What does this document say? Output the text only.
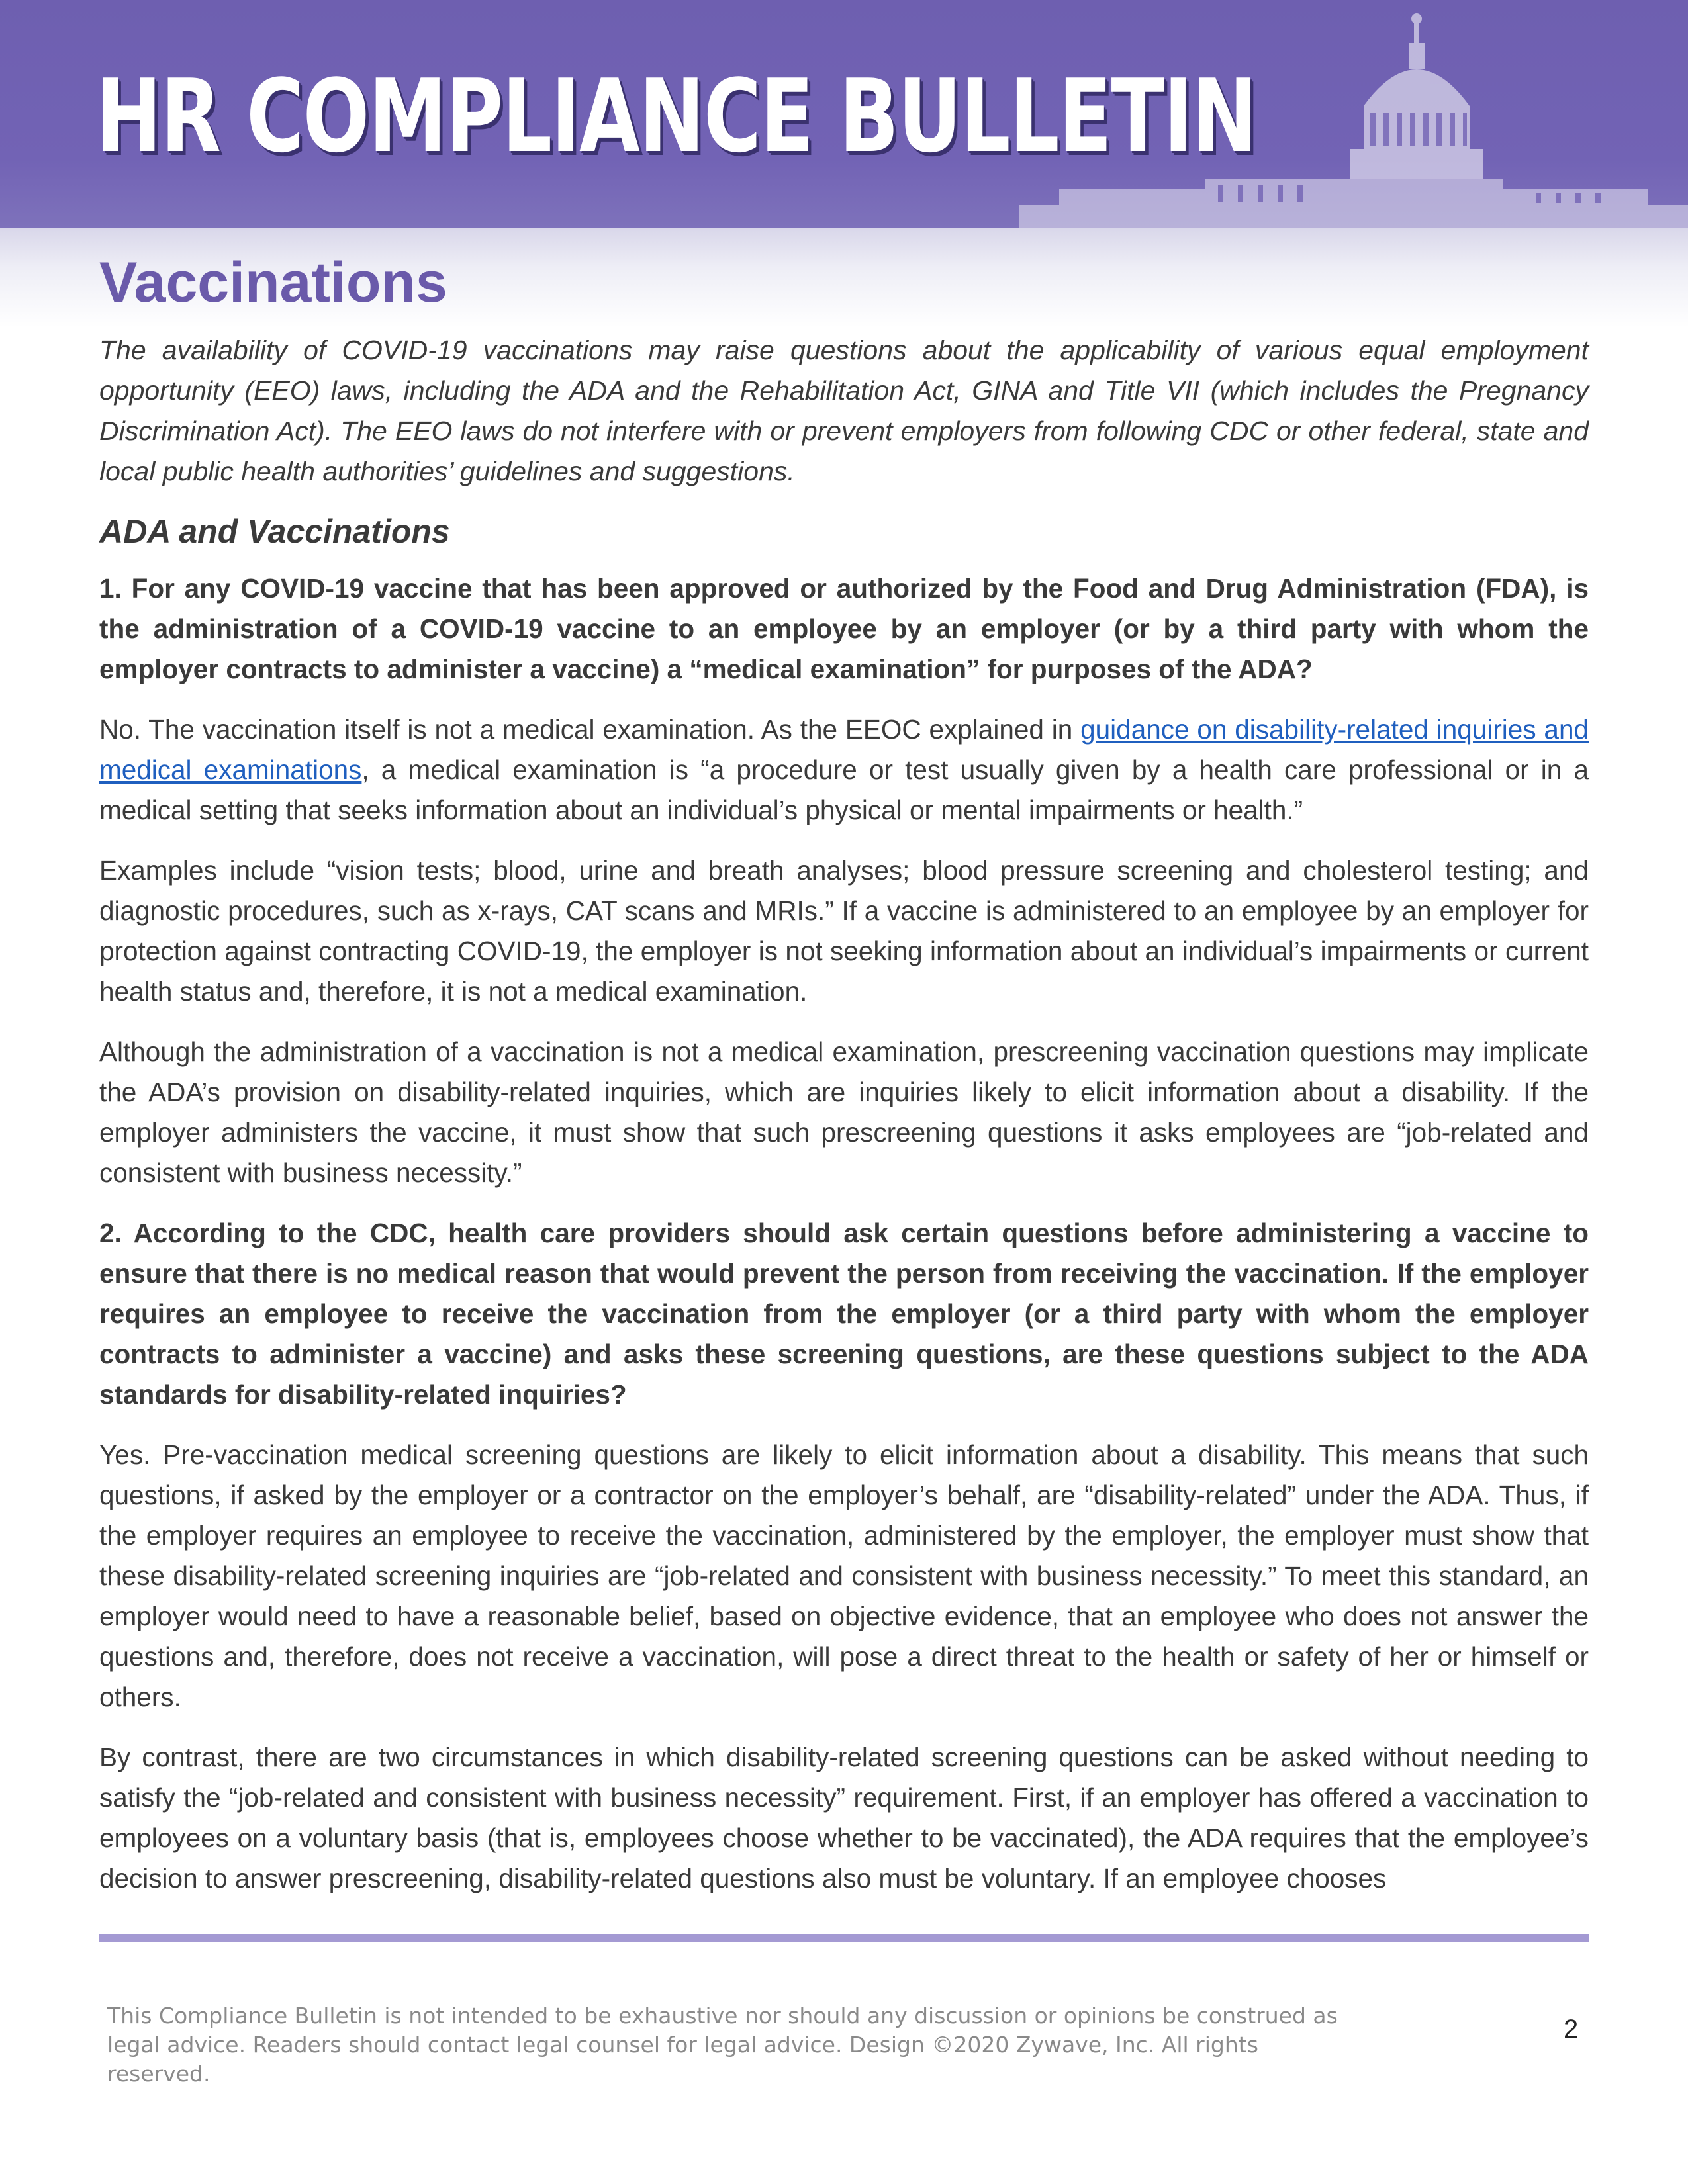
HR COMPLIANCE BULLETIN
Vaccinations

The availability of COVID-19 vaccinations may raise questions about the applicability of various equal employment opportunity (EEO) laws, including the ADA and the Rehabilitation Act, GINA and Title VII (which includes the Pregnancy Discrimination Act). The EEO laws do not interfere with or prevent employers from following CDC or other federal, state and local public health authorities’ guidelines and suggestions.

ADA and Vaccinations

1. For any COVID-19 vaccine that has been approved or authorized by the Food and Drug Administration (FDA), is the administration of a COVID-19 vaccine to an employee by an employer (or by a third party with whom the employer contracts to administer a vaccine) a “medical examination” for purposes of the ADA?

No. The vaccination itself is not a medical examination. As the EEOC explained in guidance on disability-related inquiries and medical examinations, a medical examination is “a procedure or test usually given by a health care professional or in a medical setting that seeks information about an individual’s physical or mental impairments or health.”

Examples include “vision tests; blood, urine and breath analyses; blood pressure screening and cholesterol testing; and diagnostic procedures, such as x-rays, CAT scans and MRIs.” If a vaccine is administered to an employee by an employer for protection against contracting COVID-19, the employer is not seeking information about an individual’s impairments or current health status and, therefore, it is not a medical examination.

Although the administration of a vaccination is not a medical examination, prescreening vaccination questions may implicate the ADA’s provision on disability-related inquiries, which are inquiries likely to elicit information about a disability. If the employer administers the vaccine, it must show that such prescreening questions it asks employees are “job-related and consistent with business necessity.”

2. According to the CDC, health care providers should ask certain questions before administering a vaccine to ensure that there is no medical reason that would prevent the person from receiving the vaccination. If the employer requires an employee to receive the vaccination from the employer (or a third party with whom the employer contracts to administer a vaccine) and asks these screening questions, are these questions subject to the ADA standards for disability-related inquiries?

Yes. Pre-vaccination medical screening questions are likely to elicit information about a disability. This means that such questions, if asked by the employer or a contractor on the employer’s behalf, are “disability-related” under the ADA. Thus, if the employer requires an employee to receive the vaccination, administered by the employer, the employer must show that these disability-related screening inquiries are “job-related and consistent with business necessity.” To meet this standard, an employer would need to have a reasonable belief, based on objective evidence, that an employee who does not answer the questions and, therefore, does not receive a vaccination, will pose a direct threat to the health or safety of her or himself or others.

By contrast, there are two circumstances in which disability-related screening questions can be asked without needing to satisfy the “job-related and consistent with business necessity” requirement. First, if an employer has offered a vaccination to employees on a voluntary basis (that is, employees choose whether to be vaccinated), the ADA requires that the employee’s decision to answer prescreening, disability-related questions also must be voluntary. If an employee chooses

This Compliance Bulletin is not intended to be exhaustive nor should any discussion or opinions be construed as legal advice. Readers should contact legal counsel for legal advice. Design ©2020 Zywave, Inc. All rights reserved.
2
